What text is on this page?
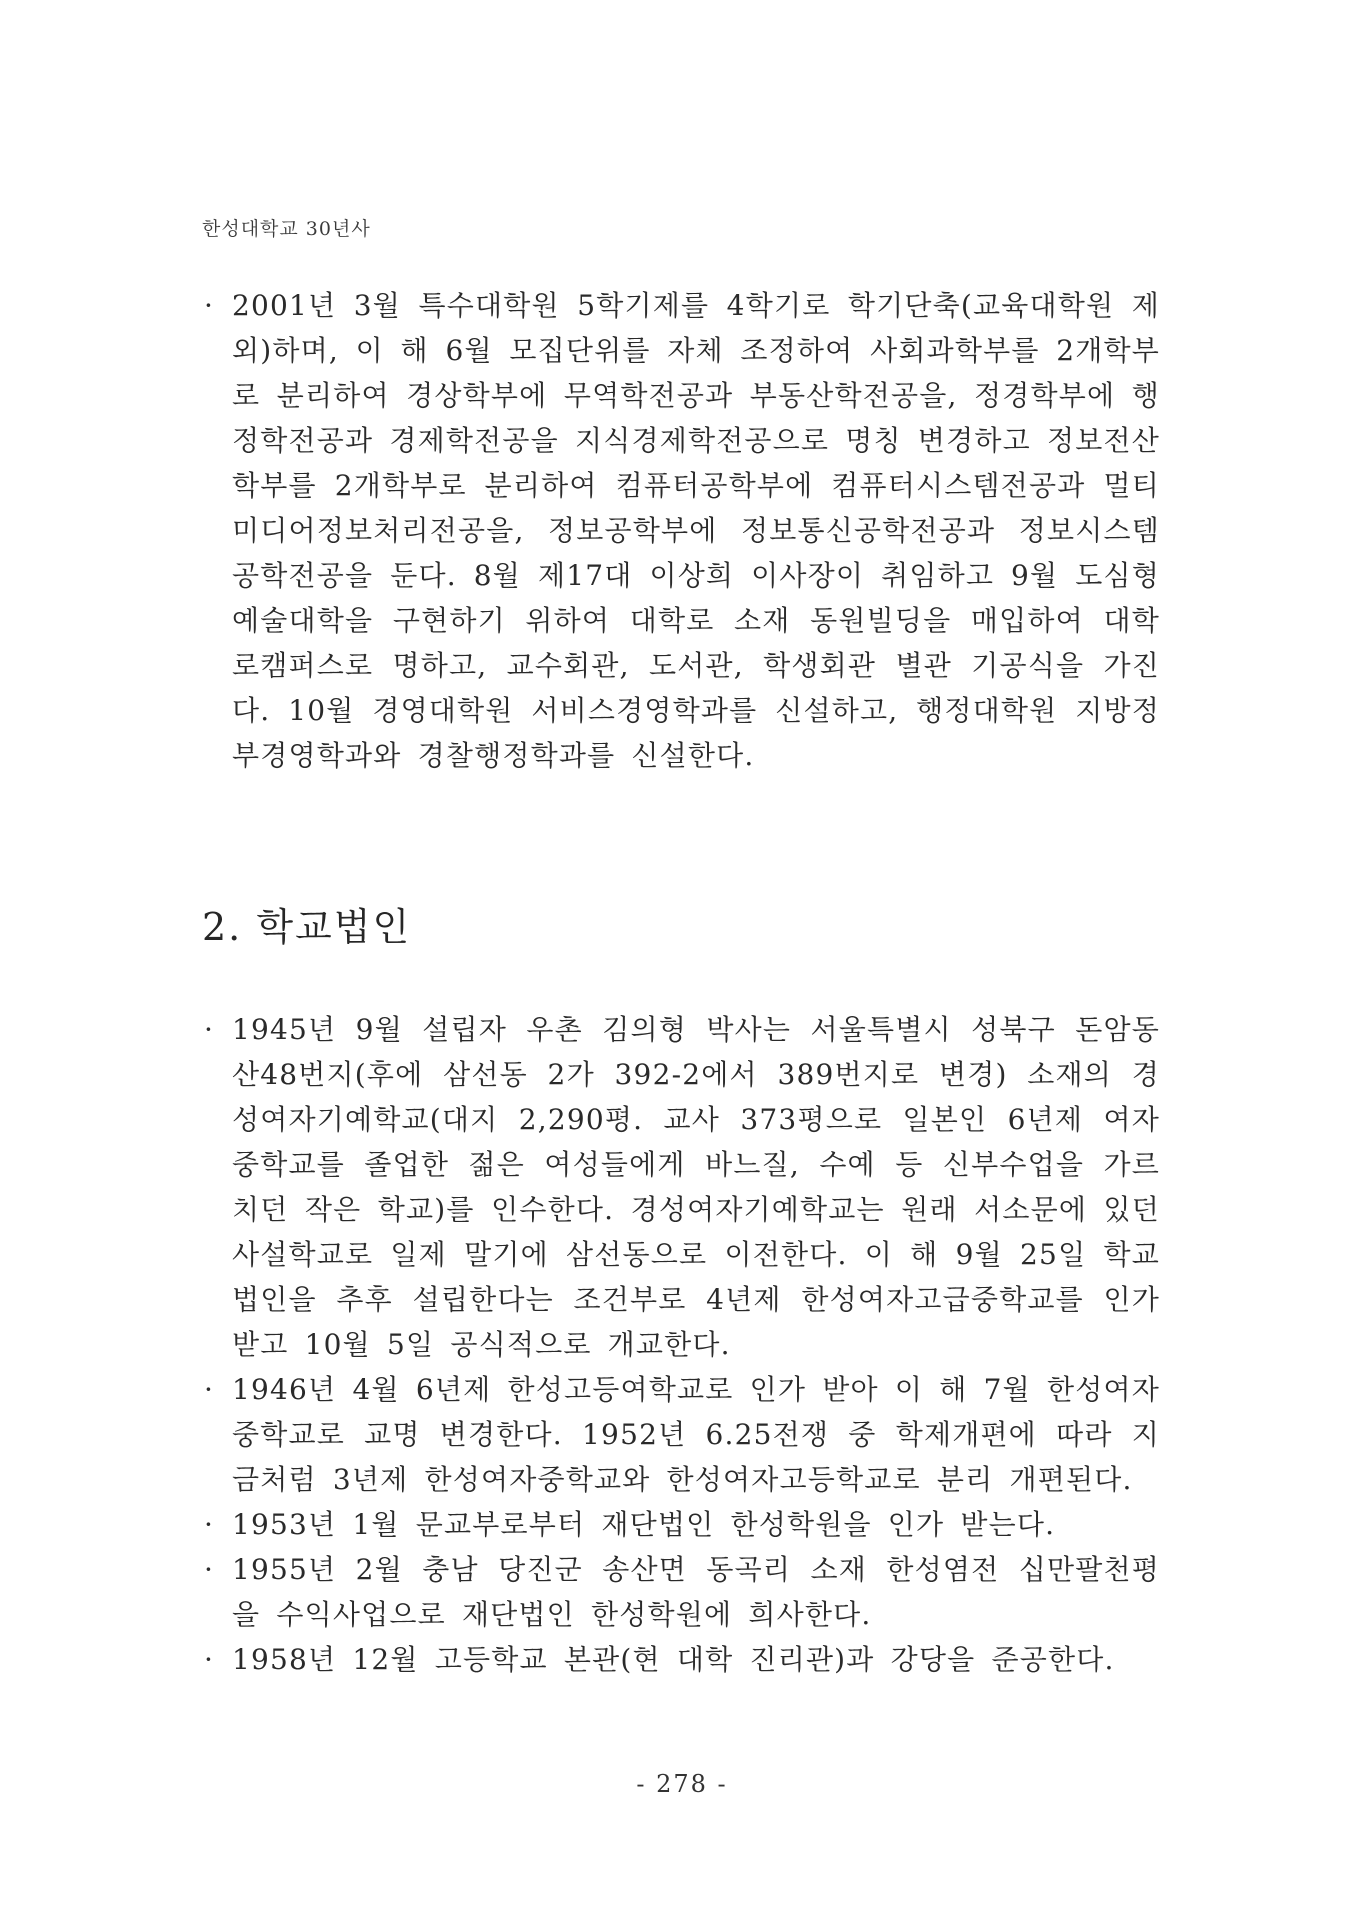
한성대학교 30년사
· 2001년 3월 특수대학원 5학기제를 4학기로 학기단축(교육대학원 제외)하며, 이 해 6월 모집단위를 자체 조정하여 사회과학부를 2개학부로 분리하여 경상학부에 무역학전공과 부동산학전공을, 정경학부에 행정학전공과 경제학전공을 지식경제학전공으로 명칭 변경하고 정보전산학부를 2개학부로 분리하여 컴퓨터공학부에 컴퓨터시스템전공과 멀티미디어정보처리전공을, 정보공학부에 정보통신공학전공과 정보시스템공학전공을 둔다. 8월 제17대 이상희 이사장이 취임하고 9월 도심형 예술대학을 구현하기 위하여 대학로 소재 동원빌딩을 매입하여 대학로캠퍼스로 명하고, 교수회관, 도서관, 학생회관 별관 기공식을 가진다. 10월 경영대학원 서비스경영학과를 신설하고, 행정대학원 지방정부경영학과와 경찰행정학과를 신설한다.
2. 학교법인
· 1945년 9월 설립자 우촌 김의형 박사는 서울특별시 성북구 돈암동 산48번지(후에 삼선동 2가 392-2에서 389번지로 변경) 소재의 경성여자기예학교(대지 2,290평. 교사 373평으로 일본인 6년제 여자중학교를 졸업한 젊은 여성들에게 바느질, 수예 등 신부수업을 가르치던 작은 학교)를 인수한다. 경성여자기예학교는 원래 서소문에 있던 사설학교로 일제 말기에 삼선동으로 이전한다. 이 해 9월 25일 학교법인을 추후 설립한다는 조건부로 4년제 한성여자고급중학교를 인가 받고 10월 5일 공식적으로 개교한다.
· 1946년 4월 6년제 한성고등여학교로 인가 받아 이 해 7월 한성여자중학교로 교명 변경한다. 1952년 6.25전쟁 중 학제개편에 따라 지금처럼 3년제 한성여자중학교와 한성여자고등학교로 분리 개편된다.
· 1953년 1월 문교부로부터 재단법인 한성학원을 인가 받는다.
· 1955년 2월 충남 당진군 송산면 동곡리 소재 한성염전 십만팔천평을 수익사업으로 재단법인 한성학원에 희사한다.
· 1958년 12월 고등학교 본관(현 대학 진리관)과 강당을 준공한다.
- 278 -
